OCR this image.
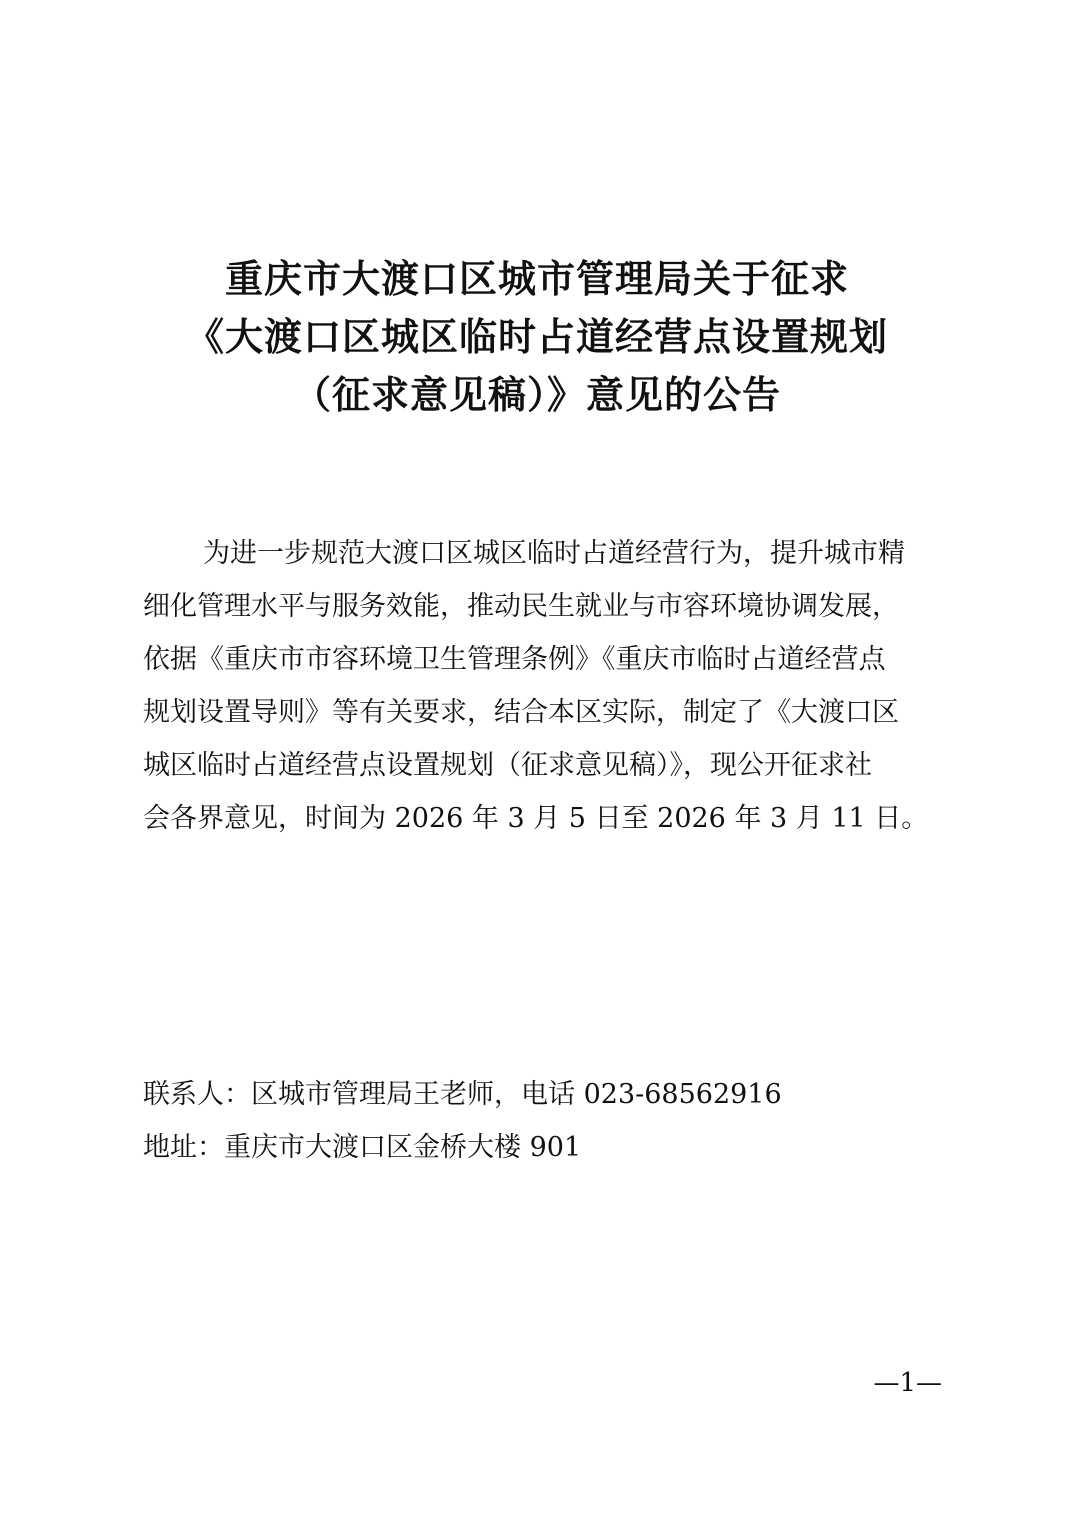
重庆市大渡口区城市管理局关于征求
《大渡口区城区临时占道经营点设置规划
（征求意见稿）》意见的公告
为进一步规范大渡口区城区临时占道经营行为，提升城市精
细化管理水平与服务效能，推动民生就业与市容环境协调发展，
依据《重庆市市容环境卫生管理条例》《重庆市临时占道经营点
规划设置导则》等有关要求，结合本区实际，制定了《大渡口区
城区临时占道经营点设置规划（征求意见稿）》，现公开征求社
会各界意见，时间为 2026 年 3 月 5 日至 2026 年 3 月 11 日。
联系人：区城市管理局王老师，电话 023-68562916
地址：重庆市大渡口区金桥大楼 901
—1—
